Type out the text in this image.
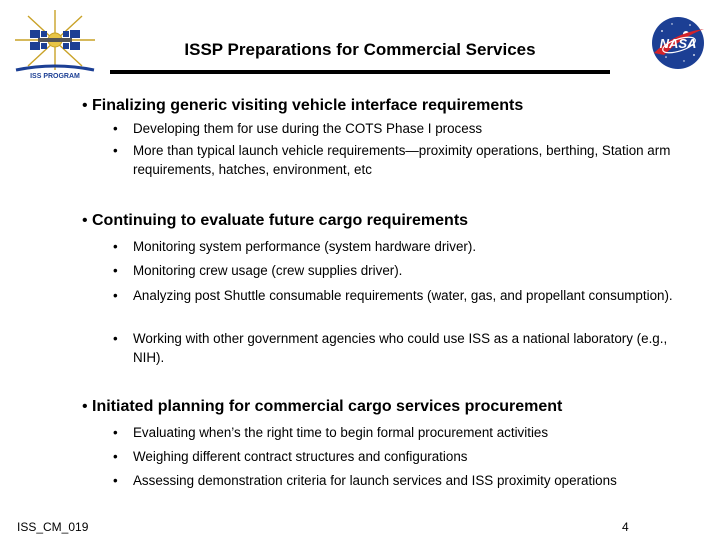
ISS PROGRAM
NASA
ISSP Preparations for Commercial Services
• Finalizing generic visiting vehicle interface requirements
• Developing them for use during the COTS Phase I process
• More than typical launch vehicle requirements—proximity operations, berthing, Station arm requirements, hatches, environment, etc
• Continuing to evaluate future cargo requirements
• Monitoring system performance (system hardware driver).
• Monitoring crew usage (crew supplies driver).
• Analyzing post Shuttle consumable requirements (water, gas, and propellant consumption).
• Working with other government agencies who could use ISS as a national laboratory (e.g., NIH).
• Initiated planning for commercial cargo services procurement
• Evaluating when’s the right time to begin formal procurement activities
• Weighing different contract structures and configurations
• Assessing demonstration criteria for launch services and ISS proximity operations
ISS_CM_019	4
